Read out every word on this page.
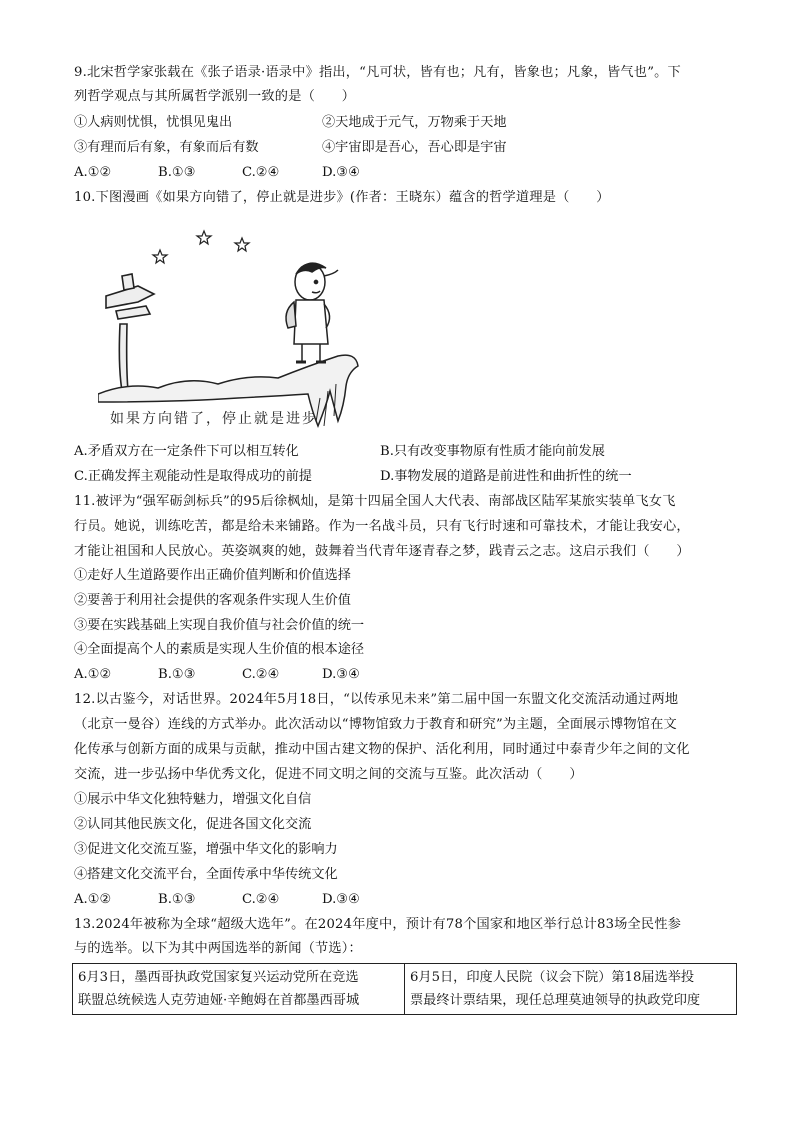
9.北宋哲学家张载在《张子语录·语录中》指出，“凡可状，皆有也；凡有，皆象也；凡象，皆气也”。下
列哲学观点与其所属哲学派别一致的是（　　）
①人病则忧惧，忧惧见鬼出	②天地成于元气，万物乘于天地
③有理而后有象，有象而后有数	④宇宙即是吾心，吾心即是宇宙
A.①②	B.①③	C.②④	D.③④
10.下图漫画《如果方向错了，停止就是进步》(作者：王晓东）蕴含的哲学道理是（　　）
如果方向错了，停止就是进步
A.矛盾双方在一定条件下可以相互转化	B.只有改变事物原有性质才能向前发展
C.正确发挥主观能动性是取得成功的前提	D.事物发展的道路是前进性和曲折性的统一
11.被评为“强军砺剑标兵”的95后徐枫灿，是第十四届全国人大代表、南部战区陆军某旅实装单飞女飞
行员。她说，训练吃苦，都是给未来铺路。作为一名战斗员，只有飞行时速和可靠技术，才能让我安心，
才能让祖国和人民放心。英姿飒爽的她，鼓舞着当代青年逐青春之梦，践青云之志。这启示我们（　　）
①走好人生道路要作出正确价值判断和价值选择
②要善于利用社会提供的客观条件实现人生价值
③要在实践基础上实现自我价值与社会价值的统一
④全面提高个人的素质是实现人生价值的根本途径
A.①②	B.①③	C.②④	D.③④
12.以古鉴今，对话世界。2024年5月18日，“以传承见未来”第二届中国一东盟文化交流活动通过两地
（北京一曼谷）连线的方式举办。此次活动以“博物馆致力于教育和研究”为主题，全面展示博物馆在文
化传承与创新方面的成果与贡献，推动中国古建文物的保护、活化利用，同时通过中泰青少年之间的文化
交流，进一步弘扬中华优秀文化，促进不同文明之间的交流与互鉴。此次活动（　　）
①展示中华文化独特魅力，增强文化自信
②认同其他民族文化，促进各国文化交流
③促进文化交流互鉴，增强中华文化的影响力
④搭建文化交流平台，全面传承中华传统文化
A.①②	B.①③	C.②④	D.③④
13.2024年被称为全球“超级大选年”。在2024年度中，预计有78个国家和地区举行总计83场全民性参
与的选举。以下为其中两国选举的新闻（节选）：
6月3日，墨西哥执政党国家复兴运动党所在竞选
联盟总统候选人克劳迪娅·辛鲍姆在首都墨西哥城

6月5日，印度人民院（议会下院）第18届选举投
票最终计票结果，现任总理莫迪领导的执政党印度
